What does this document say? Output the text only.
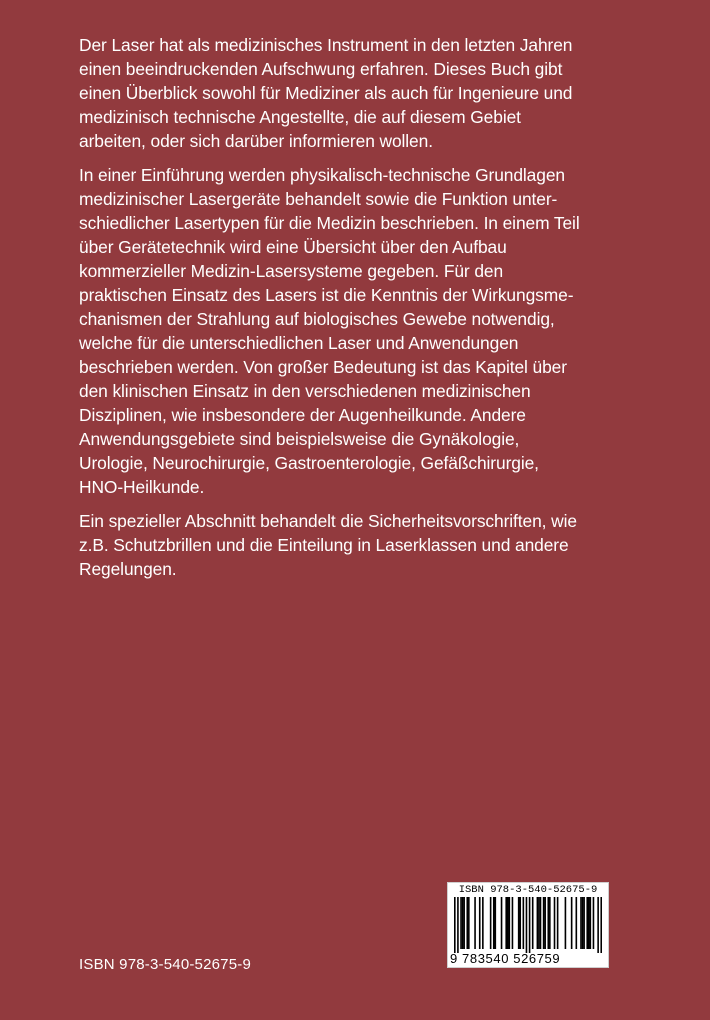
Der Laser hat als medizinisches Instrument in den letzten Jahren
einen beeindruckenden Aufschwung erfahren. Dieses Buch gibt
einen Überblick sowohl für Mediziner als auch für Ingenieure und
medizinisch technische Angestellte, die auf diesem Gebiet
arbeiten, oder sich darüber informieren wollen.

In einer Einführung werden physikalisch-technische Grundlagen
medizinischer Lasergeräte behandelt sowie die Funktion unter-
schiedlicher Lasertypen für die Medizin beschrieben. In einem Teil
über Gerätetechnik wird eine Übersicht über den Aufbau
kommerzieller Medizin-Lasersysteme gegeben. Für den
praktischen Einsatz des Lasers ist die Kenntnis der Wirkungsme-
chanismen der Strahlung auf biologisches Gewebe notwendig,
welche für die unterschiedlichen Laser und Anwendungen
beschrieben werden. Von großer Bedeutung ist das Kapitel über
den klinischen Einsatz in den verschiedenen medizinischen
Disziplinen, wie insbesondere der Augenheilkunde. Andere
Anwendungsgebiete sind beispielsweise die Gynäkologie,
Urologie, Neurochirurgie, Gastroenterologie, Gefäßchirurgie,
HNO-Heilkunde.

Ein spezieller Abschnitt behandelt die Sicherheitsvorschriften, wie
z.B. Schutzbrillen und die Einteilung in Laserklassen und andere
Regelungen.

ISBN 978-3-540-52675-9
9 783540 526759
ISBN 978-3-540-52675-9
